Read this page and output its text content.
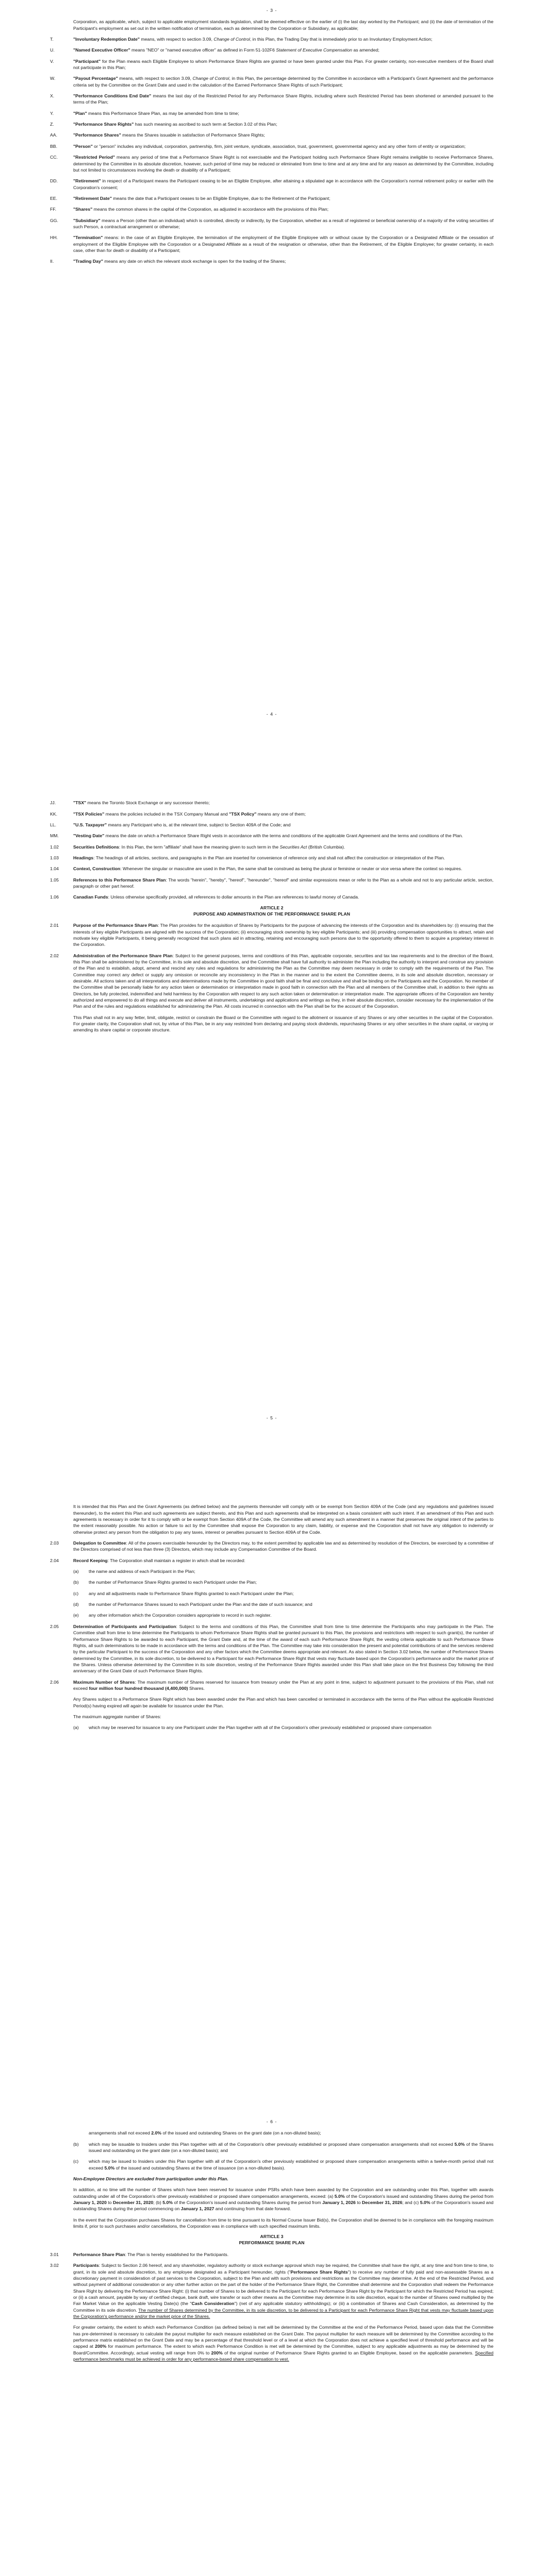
- 3 -
Corporation, as applicable, which, subject to applicable employment standards legislation, shall be deemed effective on the earlier of (i) the last day worked by the Participant; and (ii) the date of termination of the Participant's employment as set out in the written notification of termination, each as determined by the Corporation or Subsidiary, as applicable;
T.	"Involuntary Redemption Date" means, with respect to section 3.09, Change of Control, in this Plan, the Trading Day that is immediately prior to an Involuntary Employment Action;
U.	"Named Executive Officer" means "NEO" or "named executive officer" as defined in Form 51-102F6 Statement of Executive Compensation as amended;
V.	"Participant" for the Plan means each Eligible Employee to whom Performance Share Rights are granted or have been granted under this Plan. For greater certainty, non-executive members of the Board shall not participate in this Plan;
W.	"Payout Percentage" means, with respect to section 3.09, Change of Control, in this Plan, the percentage determined by the Committee in accordance with a Participant's Grant Agreement and the performance criteria set by the Committee on the Grant Date and used in the calculation of the Earned Performance Share Rights of such Participant;
X.	"Performance Conditions End Date" means the last day of the Restricted Period for any Performance Share Rights, including where such Restricted Period has been shortened or amended pursuant to the terms of the Plan;
Y.	"Plan" means this Performance Share Plan, as may be amended from time to time;
Z.	"Performance Share Rights" has such meaning as ascribed to such term at Section 3.02 of this Plan;
AA.	"Performance Shares" means the Shares issuable in satisfaction of Performance Share Rights;
BB.	"Person" or "person" includes any individual, corporation, partnership, firm, joint venture, syndicate, association, trust, government, governmental agency and any other form of entity or organization;
CC.	"Restricted Period" means any period of time that a Performance Share Right is not exercisable and the Participant holding such Performance Share Right remains ineligible to receive Performance Shares, determined by the Committee in its absolute discretion, however, such period of time may be reduced or eliminated from time to time and at any time and for any reason as determined by the Committee, including but not limited to circumstances involving the death or disability of a Participant;
DD.	"Retirement" in respect of a Participant means the Participant ceasing to be an Eligible Employee, after attaining a stipulated age in accordance with the Corporation's normal retirement policy or earlier with the Corporation's consent;
EE.	"Retirement Date" means the date that a Participant ceases to be an Eligible Employee, due to the Retirement of the Participant;
FF.	"Shares" means the common shares in the capital of the Corporation, as adjusted in accordance with the provisions of this Plan;
GG.	"Subsidiary" means a Person (other than an individual) which is controlled, directly or indirectly, by the Corporation, whether as a result of registered or beneficial ownership of a majority of the voting securities of such Person, a contractual arrangement or otherwise;
HH.	"Termination" means: in the case of an Eligible Employee, the termination of the employment of the Eligible Employee with or without cause by the Corporation or a Designated Affiliate or the cessation of employment of the Eligible Employee with the Corporation or a Designated Affiliate as a result of the resignation or otherwise, other than the Retirement, of the Eligible Employee; for greater certainty, in each case, other than for death or disability of a Participant;
II.	"Trading Day" means any date on which the relevant stock exchange is open for the trading of the Shares;
- 4 -
JJ.	"TSX" means the Toronto Stock Exchange or any successor thereto;
KK.	"TSX Policies" means the policies included in the TSX Company Manual and "TSX Policy" means any one of them;
LL.	"U.S. Taxpayer" means any Participant who is, at the relevant time, subject to Section 409A of the Code; and
MM.	"Vesting Date" means the date on which a Performance Share Right vests in accordance with the terms and conditions of the applicable Grant Agreement and the terms and conditions of the Plan.
1.02	Securities Definitions: In this Plan, the term "affiliate" shall have the meaning given to such term in the Securities Act (British Columbia).
1.03	Headings: The headings of all articles, sections, and paragraphs in the Plan are inserted for convenience of reference only and shall not affect the construction or interpretation of the Plan.
1.04	Context, Construction: Whenever the singular or masculine are used in the Plan, the same shall be construed as being the plural or feminine or neuter or vice versa where the context so requires.
1.05	References to this Performance Share Plan: The words "herein", "hereby", "hereof", "hereunder", "hereof" and similar expressions mean or refer to the Plan as a whole and not to any particular article, section, paragraph or other part hereof.
1.06	Canadian Funds: Unless otherwise specifically provided, all references to dollar amounts in the Plan are references to lawful money of Canada.
ARTICLE 2
PURPOSE AND ADMINISTRATION OF THE PERFORMANCE SHARE PLAN
2.01	Purpose of the Performance Share Plan: The Plan provides for the acquisition of Shares by Participants for the purpose of advancing the interests of the Corporation and its shareholders by: (i) ensuring that the interests of key eligible Participants are aligned with the success of the Corporation; (ii) encouraging stock ownership by key eligible Participants; and (iii) providing compensation opportunities to attract, retain and motivate key eligible Participants, it being generally recognized that such plans aid in attracting, retaining and encouraging such persons due to the opportunity offered to them to acquire a proprietary interest in the Corporation.
2.02	Administration of the Performance Share Plan: Subject to the general purposes, terms and conditions of this Plan, applicable corporate, securities and tax law requirements and to the direction of the Board, this Plan shall be administered by the Committee, in its sole and absolute discretion, and the Committee shall have full authority to administer the Plan including the authority to interpret and construe any provision of the Plan and to establish, adopt, amend and rescind any rules and regulations for administering the Plan as the Committee may deem necessary in order to comply with the requirements of the Plan. The Committee may correct any defect or supply any omission or reconcile any inconsistency in the Plan in the manner and to the extent the Committee deems, in its sole and absolute discretion, necessary or desirable. All actions taken and all interpretations and determinations made by the Committee in good faith shall be final and conclusive and shall be binding on the Participants and the Corporation. No member of the Committee shall be personally liable for any action taken or determination or interpretation made in good faith in connection with the Plan and all members of the Committee shall, in addition to their rights as Directors, be fully protected, indemnified and held harmless by the Corporation with respect to any such action taken or determination or interpretation made. The appropriate officers of the Corporation are hereby authorized and empowered to do all things and execute and deliver all instruments, undertakings and applications and writings as they, in their absolute discretion, consider necessary for the implementation of the Plan and of the rules and regulations established for administering the Plan. All costs incurred in connection with the Plan shall be for the account of the Corporation.
This Plan shall not in any way fetter, limit, obligate, restrict or constrain the Board or the Committee with regard to the allotment or issuance of any Shares or any other securities in the capital of the Corporation. For greater clarity, the Corporation shall not, by virtue of this Plan, be in any way restricted from declaring and paying stock dividends, repurchasing Shares or any other securities in the share capital, or varying or amending its share capital or corporate structure.
- 5 -
It is intended that this Plan and the Grant Agreements (as defined below) and the payments thereunder will comply with or be exempt from Section 409A of the Code (and any regulations and guidelines issued thereunder), to the extent this Plan and such agreements are subject thereto, and this Plan and such agreements shall be interpreted on a basis consistent with such intent. If an amendment of this Plan and such agreements is necessary in order for it to comply with or be exempt from Section 409A of the Code, the Committee will amend any such amendment in a manner that preserves the original intent of the parties to the extent reasonably possible. No action or failure to act by the Committee shall expose the Corporation to any claim, liability, or expense and the Corporation shall not have any obligation to indemnify or otherwise protect any person from the obligation to pay any taxes, interest or penalties pursuant to Section 409A of the Code.
2.03	Delegation to Committee: All of the powers exercisable hereunder by the Directors may, to the extent permitted by applicable law and as determined by resolution of the Directors, be exercised by a committee of the Directors comprised of not less than three (3) Directors, which may include any Compensation Committee of the Board.
2.04	Record Keeping: The Corporation shall maintain a register in which shall be recorded:
(a)	the name and address of each Participant in the Plan;
(b)	the number of Performance Share Rights granted to each Participant under the Plan;
(c)	any and all adjustments made to Performance Share Rights granted to each Participant under the Plan;
(d)	the number of Performance Shares issued to each Participant under the Plan and the date of such issuance; and
(e)	any other information which the Corporation considers appropriate to record in such register.
2.05	Determination of Participants and Participation: Subject to the terms and conditions of this Plan, the Committee shall from time to time determine the Participants who may participate in the Plan. The Committee shall from time to time determine the Participants to whom Performance Share Rights shall be granted pursuant to this Plan, the provisions and restrictions with respect to such grant(s), the number of Performance Share Rights to be awarded to each Participant, the Grant Date and, at the time of the award of each such Performance Share Right, the vesting criteria applicable to such Performance Share Rights, all such determinations to be made in accordance with the terms and conditions of the Plan. The Committee may take into consideration the present and potential contributions of and the services rendered by the particular Participant to the success of the Corporation and any other factors which the Committee deems appropriate and relevant. As also stated in Section 3.02 below, the number of Performance Shares determined by the Committee, in its sole discretion, to be delivered to a Participant for each Performance Share Right that vests may fluctuate based upon the Corporation's performance and/or the market price of the Shares. Unless otherwise determined by the Committee in its sole discretion, vesting of the Performance Share Rights awarded under this Plan shall take place on the first Business Day following the third anniversary of the Grant Date of such Performance Share Rights.
2.06	Maximum Number of Shares: The maximum number of Shares reserved for issuance from treasury under the Plan at any point in time, subject to adjustment pursuant to the provisions of this Plan, shall not exceed four million four hundred thousand (4,400,000) Shares.
Any Shares subject to a Performance Share Right which has been awarded under the Plan and which has been cancelled or terminated in accordance with the terms of the Plan without the applicable Restricted Period(s) having expired will again be available for issuance under the Plan.
The maximum aggregate number of Shares:
(a)	which may be reserved for issuance to any one Participant under the Plan together with all of the Corporation's other previously established or proposed share compensation
- 6 -
arrangements shall not exceed 2.0% of the issued and outstanding Shares on the grant date (on a non-diluted basis);
(b)	which may be issuable to Insiders under this Plan together with all of the Corporation's other previously established or proposed share compensation arrangements shall not exceed 5.0% of the Shares issued and outstanding on the grant date (on a non-diluted basis); and
(c)	which may be issued to Insiders under this Plan together with all of the Corporation's other previously established or proposed share compensation arrangements within a twelve-month period shall not exceed 5.0% of the issued and outstanding Shares at the time of issuance (on a non-diluted basis).
Non-Employee Directors are excluded from participation under this Plan.
In addition, at no time will the number of Shares which have been reserved for issuance under PSRs which have been awarded by the Corporation and are outstanding under this Plan, together with awards outstanding under all of the Corporation's other previously established or proposed share compensation arrangements, exceed: (a) 5.0% of the Corporation's issued and outstanding Shares during the period from January 1, 2020 to December 31, 2020; (b) 5.0% of the Corporation's issued and outstanding Shares during the period from January 1, 2026 to December 31, 2026; and (c) 5.0% of the Corporation's issued and outstanding Shares during the period commencing on January 1, 2027 and continuing from that date forward.
In the event that the Corporation purchases Shares for cancellation from time to time pursuant to its Normal Course Issuer Bid(s), the Corporation shall be deemed to be in compliance with the foregoing maximum limits if, prior to such purchases and/or cancellations, the Corporation was in compliance with such specified maximum limits.
ARTICLE 3
PERFORMANCE SHARE PLAN
3.01	Performance Share Plan: The Plan is hereby established for the Participants.
3.02	Participants: Subject to Section 2.06 hereof, and any shareholder, regulatory authority or stock exchange approval which may be required, the Committee shall have the right, at any time and from time to time, to grant, in its sole and absolute discretion, to any employee designated as a Participant hereunder, rights ("Performance Share Rights") to receive any number of fully paid and non-assessable Shares as a discretionary payment in consideration of past services to the Corporation, subject to the Plan and with such provisions and restrictions as the Committee may determine. At the end of the Restricted Period, and without payment of additional consideration or any other further action on the part of the holder of the Performance Share Right, the Committee shall determine and the Corporation shall redeem the Performance Share Right by delivering the Performance Share Right: (i) that number of Shares to be delivered to the Participant for each Performance Share Right by the Participant for which the Restricted Period has expired; or (ii) a cash amount, payable by way of certified cheque, bank draft, wire transfer or such other means as the Committee may determine in its sole discretion, equal to the number of Shares owed multiplied by the Fair Market Value on the applicable Vesting Date(s) (the "Cash Consideration") (net of any applicable statutory withholdings); or (iii) a combination of Shares and Cash Consideration, as determined by the Committee in its sole discretion. The number of Shares determined by the Committee, in its sole discretion, to be delivered to a Participant for each Performance Share Right that vests may fluctuate based upon the Corporation's performance and/or the market price of the Shares.
For greater certainty, the extent to which each Performance Condition (as defined below) is met will be determined by the Committee at the end of the Performance Period, based upon data that the Committee has pre-determined is necessary to calculate the payout multiplier for each measure established on the Grant Date. The payout multiplier for each measure will be determined by the Committee according to the performance matrix established on the Grant Date and may be a percentage of that threshold level or of a level at which the Corporation does not achieve a specified level of threshold performance and will be capped at 200% for maximum performance. The extent to which each Performance Condition is met will be determined by the Committee, subject to any applicable adjustments as may be determined by the Board/Committee. Accordingly, actual vesting will range from 0% to 200% of the original number of Performance Share Rights granted to an Eligible Employee, based on the applicable parameters. Specified performance benchmarks must be achieved in order for any performance-based share compensation to vest.
